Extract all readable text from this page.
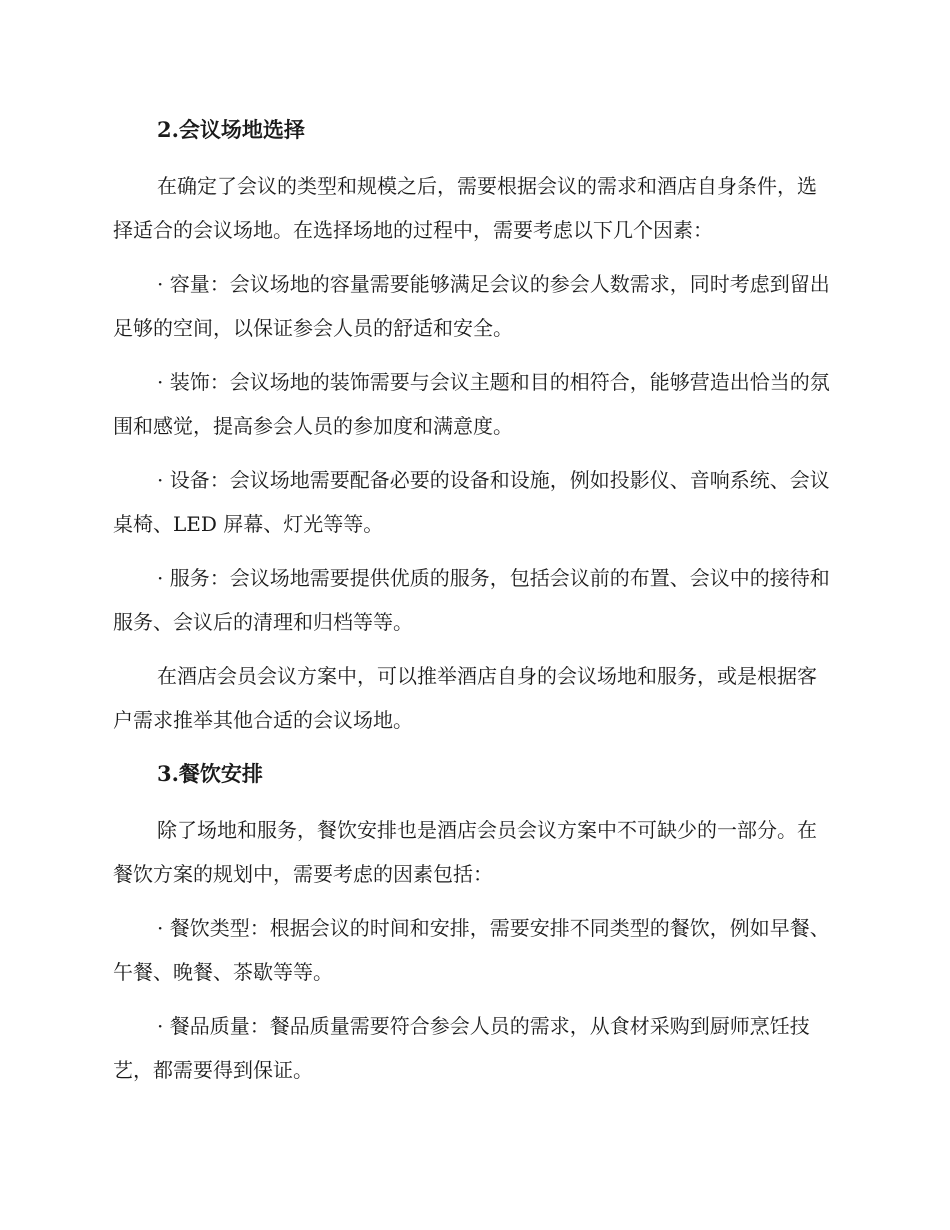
2.会议场地选择

在确定了会议的类型和规模之后，需要根据会议的需求和酒店自身条件，选择适合的会议场地。在选择场地的过程中，需要考虑以下几个因素：

· 容量：会议场地的容量需要能够满足会议的参会人数需求，同时考虑到留出足够的空间，以保证参会人员的舒适和安全。

· 装饰：会议场地的装饰需要与会议主题和目的相符合，能够营造出恰当的氛围和感觉，提高参会人员的参加度和满意度。

· 设备：会议场地需要配备必要的设备和设施，例如投影仪、音响系统、会议桌椅、LED 屏幕、灯光等等。

· 服务：会议场地需要提供优质的服务，包括会议前的布置、会议中的接待和服务、会议后的清理和归档等等。

在酒店会员会议方案中，可以推举酒店自身的会议场地和服务，或是根据客户需求推举其他合适的会议场地。

3.餐饮安排

除了场地和服务，餐饮安排也是酒店会员会议方案中不可缺少的一部分。在餐饮方案的规划中，需要考虑的因素包括：

· 餐饮类型：根据会议的时间和安排，需要安排不同类型的餐饮，例如早餐、午餐、晚餐、茶歇等等。

· 餐品质量：餐品质量需要符合参会人员的需求，从食材采购到厨师烹饪技艺，都需要得到保证。
